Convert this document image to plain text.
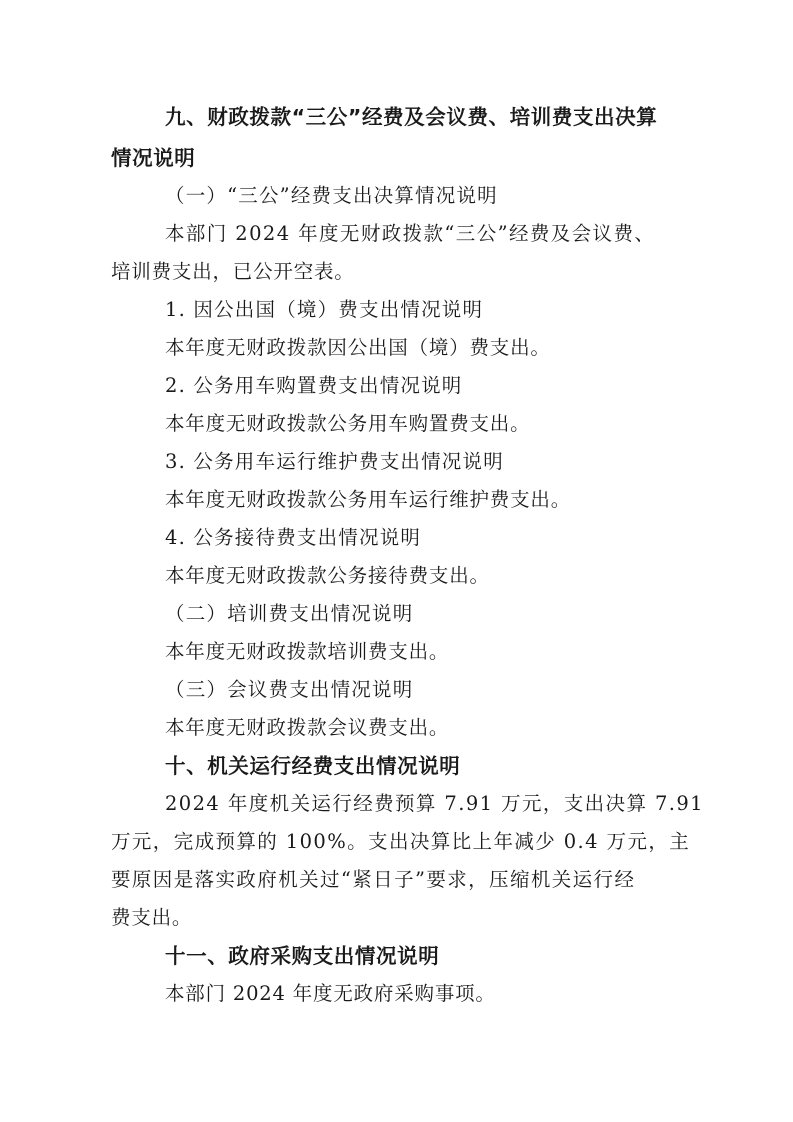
九、财政拨款“三公”经费及会议费、培训费支出决算
情况说明
（一）“三公”经费支出决算情况说明
本部门 2024 年度无财政拨款“三公”经费及会议费、
培训费支出，已公开空表。
1. 因公出国（境）费支出情况说明
本年度无财政拨款因公出国（境）费支出。
2. 公务用车购置费支出情况说明
本年度无财政拨款公务用车购置费支出。
3. 公务用车运行维护费支出情况说明
本年度无财政拨款公务用车运行维护费支出。
4. 公务接待费支出情况说明
本年度无财政拨款公务接待费支出。
（二）培训费支出情况说明
本年度无财政拨款培训费支出。
（三）会议费支出情况说明
本年度无财政拨款会议费支出。
十、机关运行经费支出情况说明
2024 年度机关运行经费预算 7.91 万元，支出决算 7.91
万元，完成预算的 100%。支出决算比上年减少 0.4 万元，主
要原因是落实政府机关过“紧日子”要求，压缩机关运行经
费支出。
十一、政府采购支出情况说明
本部门 2024 年度无政府采购事项。
